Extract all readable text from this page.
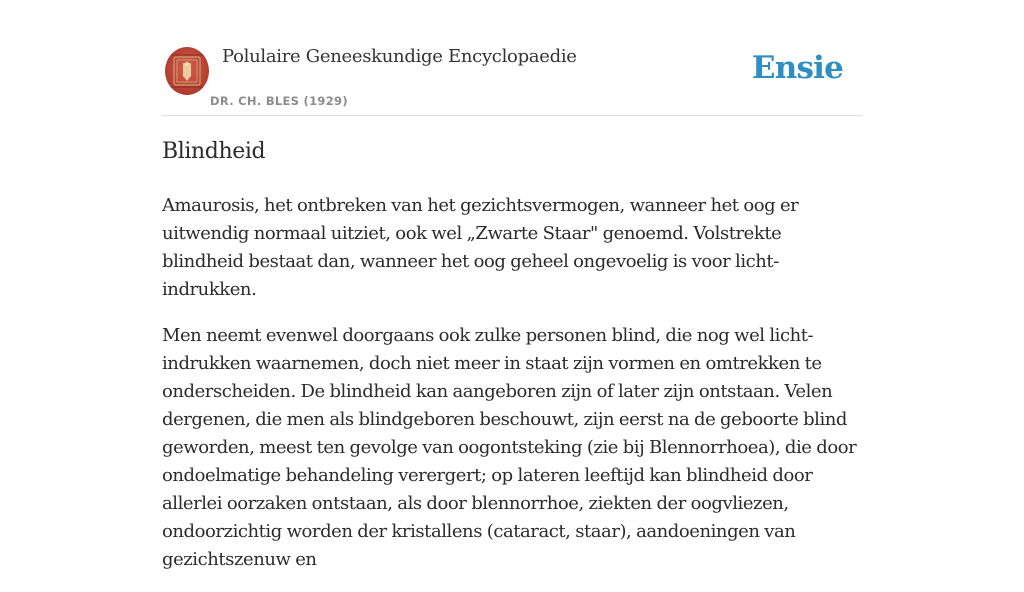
Polulaire Geneeskundige Encyclopaedie
DR. CH. BLES (1929)
Ensie
Blindheid

Amaurosis, het ontbreken van het gezichtsvermogen, wanneer het oog er uitwendig normaal uitziet, ook wel „Zwarte Staar" genoemd. Volstrekte blindheid bestaat dan, wanneer het oog geheel ongevoelig is voor licht-indrukken.

Men neemt evenwel doorgaans ook zulke personen blind, die nog wel licht-indrukken waarnemen, doch niet meer in staat zijn vormen en omtrekken te onderscheiden. De blindheid kan aangeboren zijn of later zijn ontstaan. Velen dergenen, die men als blindgeboren beschouwt, zijn eerst na de geboorte blind geworden, meest ten gevolge van oogontsteking (zie bij Blennorrhoea), die door ondoelmatige behandeling verergert; op lateren leeftijd kan blindheid door allerlei oorzaken ontstaan, als door blennorrhoe, ziekten der oogvliezen, ondoorzichtig worden der kristallens (cataract, staar), aandoeningen van gezichtszenuw en
